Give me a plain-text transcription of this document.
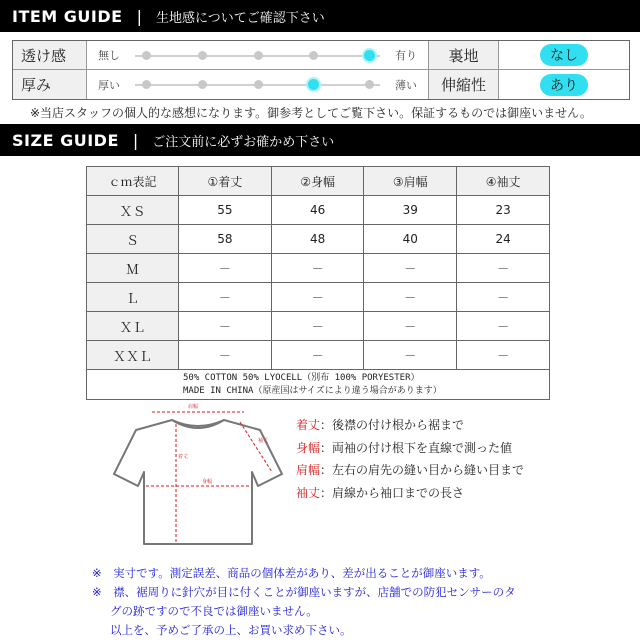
ITEM GUIDE | 生地感についてご確認下さい
透け感	無し	有り	裏地	なし
厚み	厚い	薄い	伸縮性	あり
※当店スタッフの個人的な感想になります。御参考としてご覧下さい。保証するものでは御座いません。
SIZE GUIDE | ご注文前に必ずお確かめ下さい
ｃｍ表記	①着丈	②身幅	③肩幅	④袖丈
ＸＳ	55	46	39	23
Ｓ	58	48	40	24
Ｍ	－	－	－	－
Ｌ	－	－	－	－
ＸＬ	－	－	－	－
ＸＸＬ	－	－	－	－
50% COTTON 50% LYOCELL（別布 100% PORYESTER）
MADE IN CHINA（原産国はサイズにより違う場合があります）				
肩幅
着丈
身幅
袖丈
着丈：後襟の付け根から裾まで
身幅：両袖の付け根下を直線で測った値
肩幅：左右の肩先の縫い目から縫い目まで
袖丈：肩線から袖口までの長さ
※　実寸です。測定誤差、商品の個体差があり、差が出ることが御座います。
※　襟、裾周りに針穴が目に付くことが御座いますが、店舗での防犯センサーのタ

グの跡ですので不良では御座いません。
以上を、予めご了承の上、お買い求め下さい。
